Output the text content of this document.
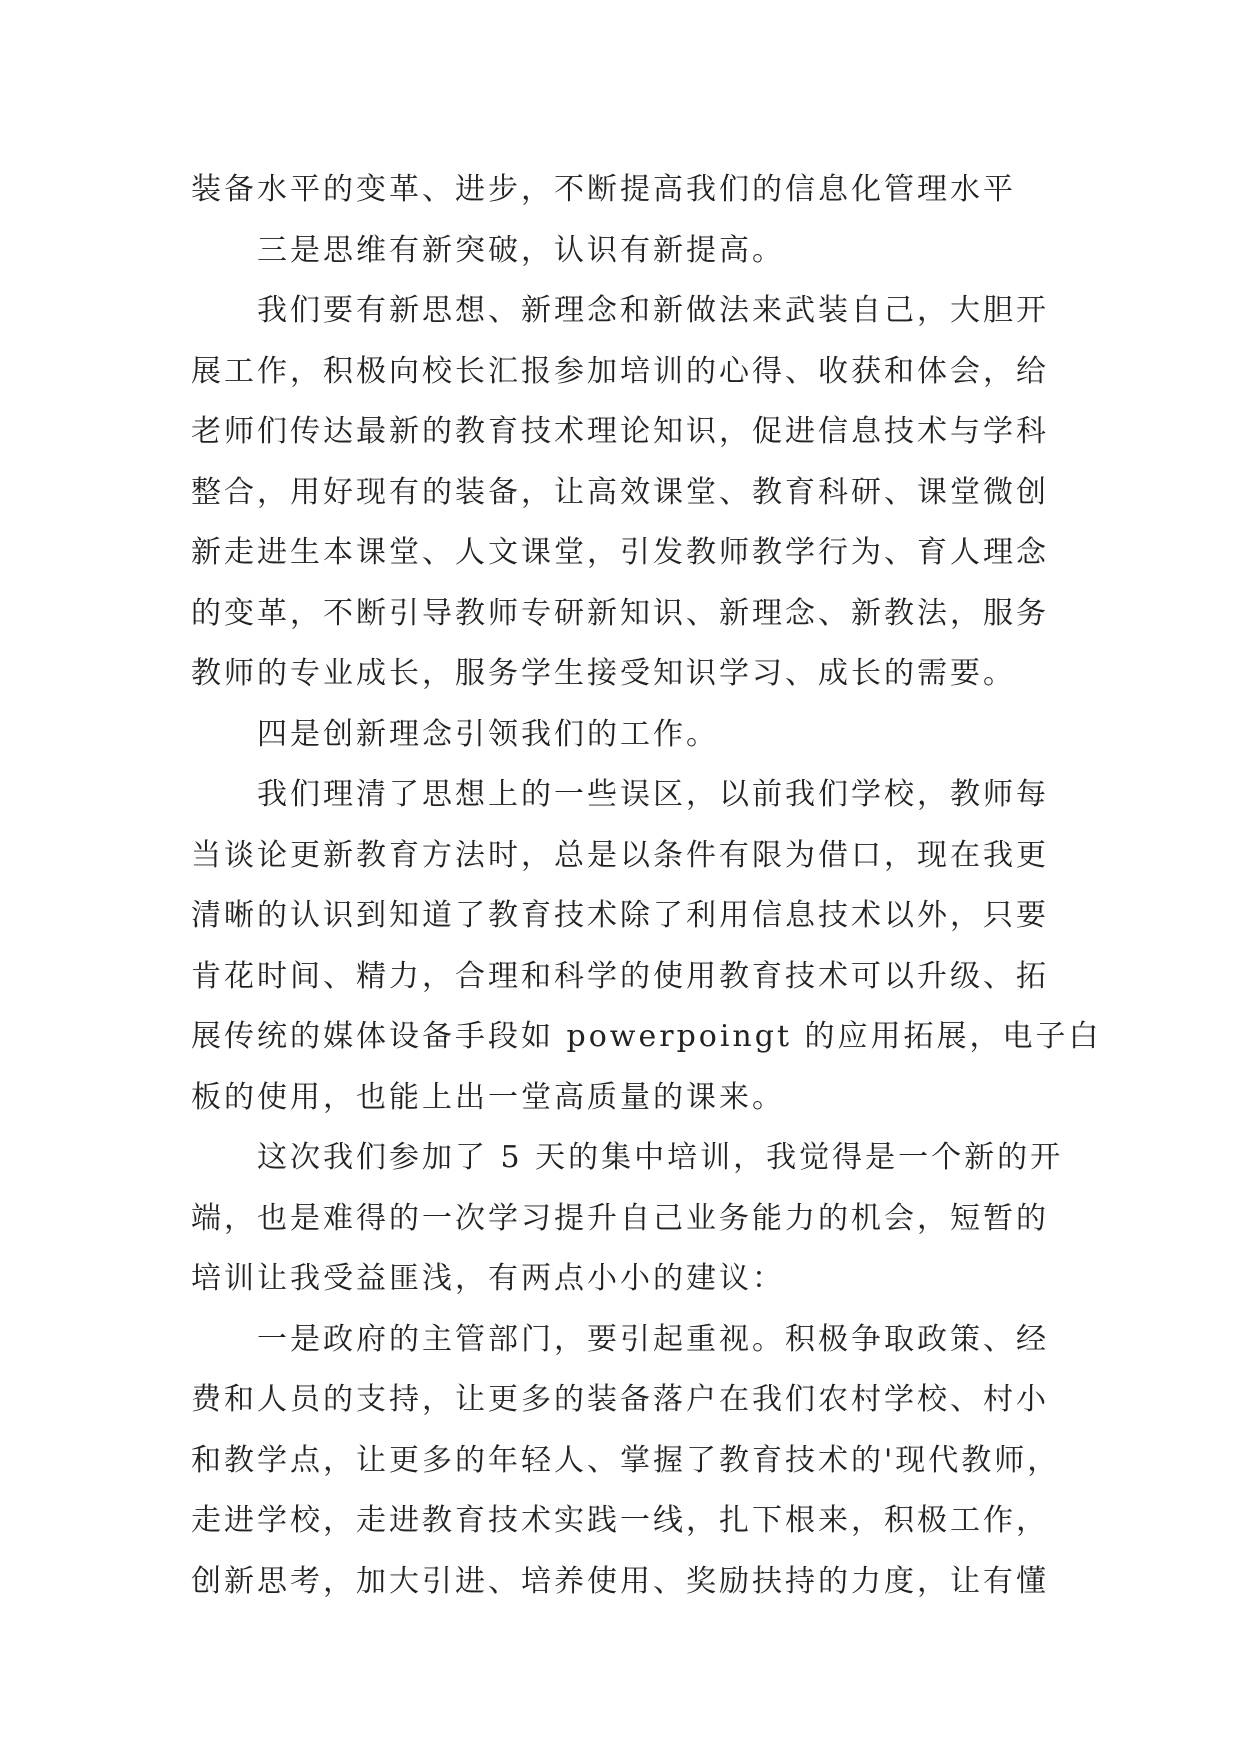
装备水平的变革、进步，不断提高我们的信息化管理水平
三是思维有新突破，认识有新提高。
我们要有新思想、新理念和新做法来武装自己，大胆开
展工作，积极向校长汇报参加培训的心得、收获和体会，给
老师们传达最新的教育技术理论知识，促进信息技术与学科
整合，用好现有的装备，让高效课堂、教育科研、课堂微创
新走进生本课堂、人文课堂，引发教师教学行为、育人理念
的变革，不断引导教师专研新知识、新理念、新教法，服务
教师的专业成长，服务学生接受知识学习、成长的需要。
四是创新理念引领我们的工作。
我们理清了思想上的一些误区，以前我们学校，教师每
当谈论更新教育方法时，总是以条件有限为借口，现在我更
清晰的认识到知道了教育技术除了利用信息技术以外，只要
肯花时间、精力，合理和科学的使用教育技术可以升级、拓
展传统的媒体设备手段如 powerpoingt 的应用拓展，电子白
板的使用，也能上出一堂高质量的课来。
这次我们参加了 5 天的集中培训，我觉得是一个新的开
端，也是难得的一次学习提升自己业务能力的机会，短暂的
培训让我受益匪浅，有两点小小的建议：
一是政府的主管部门，要引起重视。积极争取政策、经
费和人员的支持，让更多的装备落户在我们农村学校、村小
和教学点，让更多的年轻人、掌握了教育技术的'现代教师，
走进学校，走进教育技术实践一线，扎下根来，积极工作，
创新思考，加大引进、培养使用、奖励扶持的力度，让有懂
